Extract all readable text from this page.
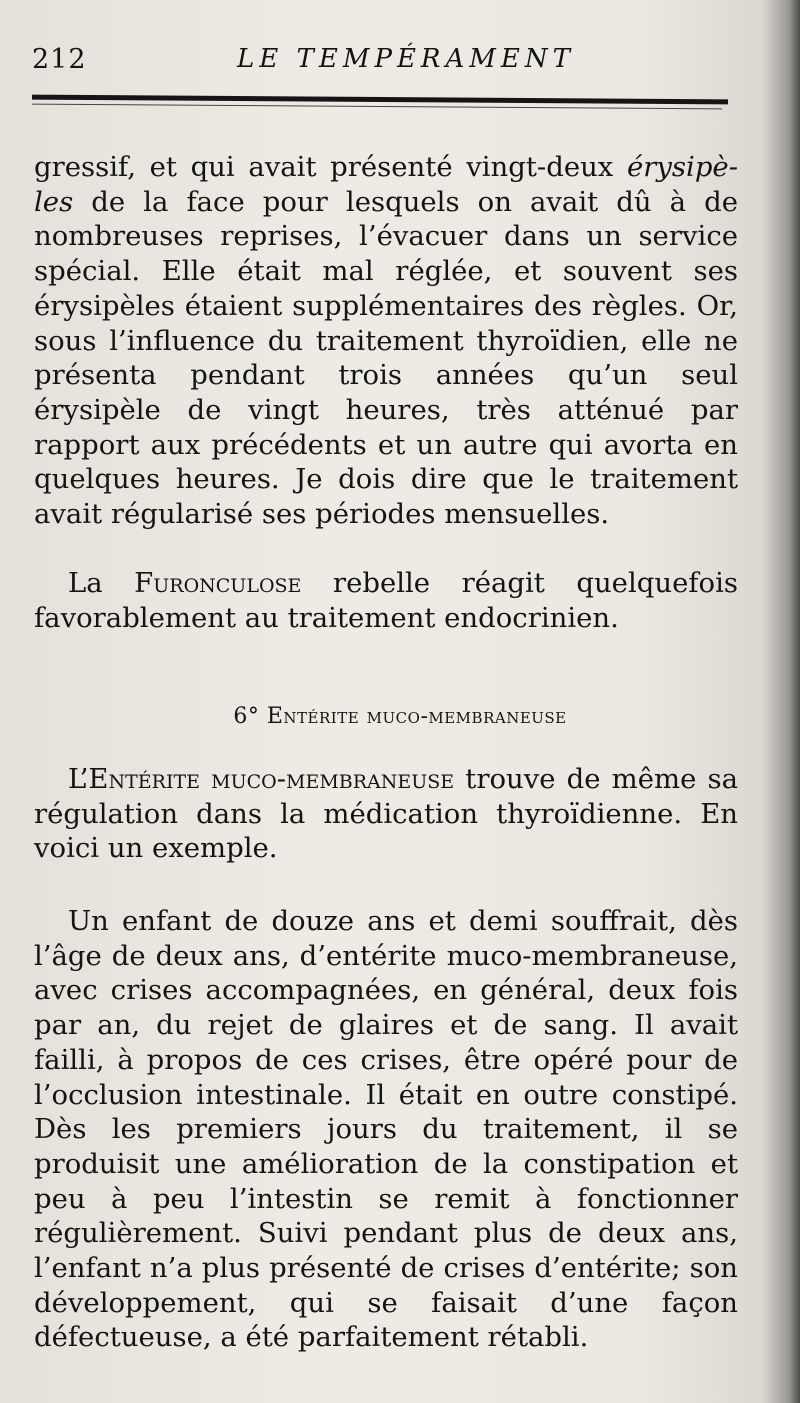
212	LE TEMPÉRAMENT

gressif, et qui avait présenté vingt-deux érysipèles de la face pour lesquels on avait dû à de nombreuses reprises, l’évacuer dans un service spécial. Elle était mal réglée, et souvent ses érysipèles étaient supplémentaires des règles. Or, sous l’influence du traitement thyroïdien, elle ne présenta pendant trois années qu’un seul érysipèle de vingt heures, très atténué par rapport aux précédents et un autre qui avorta en quelques heures. Je dois dire que le traitement avait régularisé ses périodes mensuelles.

La Furonculose rebelle réagit quelquefois favorablement au traitement endocrinien.

6° Entérite muco-membraneuse

L’Entérite muco-membraneuse trouve de même sa régulation dans la médication thyroïdienne. En voici un exemple.

Un enfant de douze ans et demi souffrait, dès l’âge de deux ans, d’entérite muco-membraneuse, avec crises accompagnées, en général, deux fois par an, du rejet de glaires et de sang. Il avait failli, à propos de ces crises, être opéré pour de l’occlusion intestinale. Il était en outre constipé. Dès les premiers jours du traitement, il se produisit une amélioration de la constipation et peu à peu l’intestin se remit à fonctionner régulièrement. Suivi pendant plus de deux ans, l’enfant n’a plus présenté de crises d’entérite; son développement, qui se faisait d’une façon défectueuse, a été parfaitement rétabli.
